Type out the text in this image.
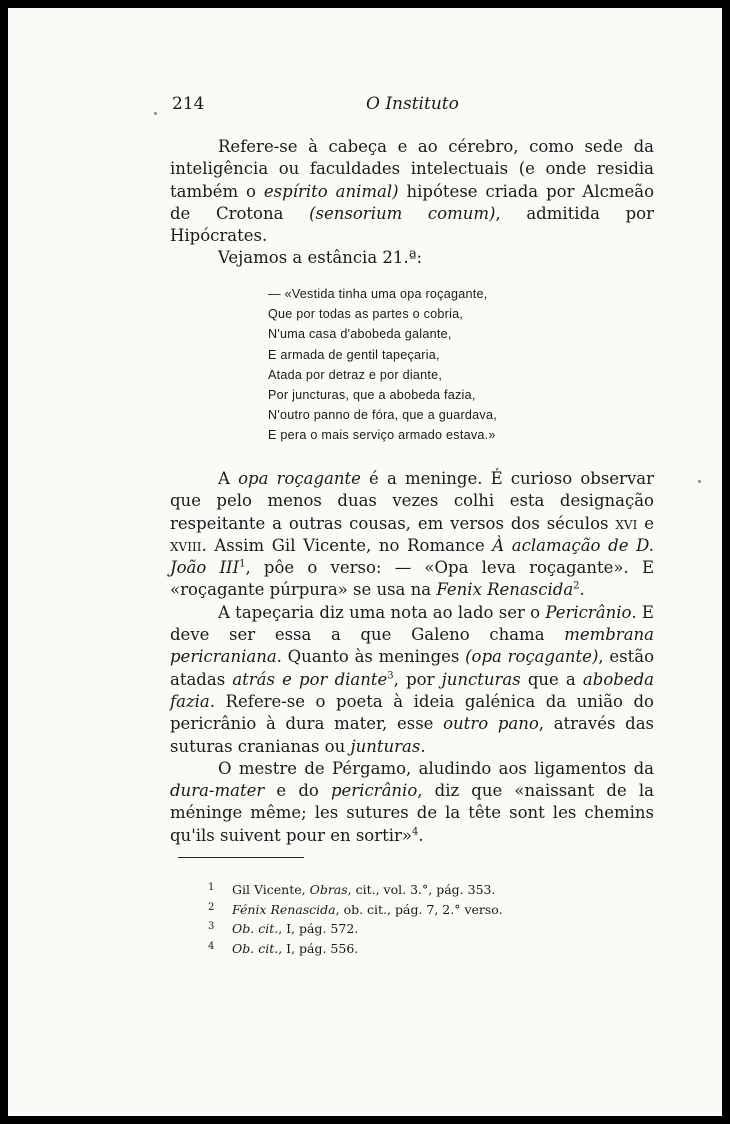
214	O Instituto

Refere-se à cabeça e ao cérebro, como sede da inteligência ou faculdades intelectuais (e onde residia também o espírito animal) hipótese criada por Alcmeão de Crotona (sensorium comum), admitida por Hipócrates.

Vejamos a estância 21.ª:

— «Vestida tinha uma opa roçagante,
Que por todas as partes o cobria,
N'uma casa d'abobeda galante,
E armada de gentil tapeçaria,
Atada por detraz e por diante,
Por juncturas, que a abobeda fazia,
N'outro panno de fóra, que a guardava,
E pera o mais serviço armado estava.»

A opa roçagante é a meninge. É curioso observar que pelo menos duas vezes colhi esta designação respeitante a outras cousas, em versos dos séculos xvi e xviii. Assim Gil Vicente, no Romance À aclamação de D. João III$^1$, pôe o verso: — «Opa leva roçagante». E «roçagante púrpura» se usa na Fenix Renascida$^2$.

A tapeçaria diz uma nota ao lado ser o Pericrânio. E deve ser essa a que Galeno chama membrana pericraniana. Quanto às meninges (opa roçagante), estão atadas atrás e por diante$^3$, por juncturas que a abobeda fazia. Refere-se o poeta à ideia galénica da união do pericrânio à dura mater, esse outro pano, através das suturas cranianas ou junturas.

O mestre de Pérgamo, aludindo aos ligamentos da dura-mater e do pericrânio, diz que «naissant de la méninge même; les sutures de la tête sont les chemins qu'ils suivent pour en sortir»$^4$.

1 Gil Vicente, Obras, cit., vol. 3.°, pág. 353.
2 Fénix Renascida, ob. cit., pág. 7, 2.° verso.
3 Ob. cit., I, pág. 572.
4 Ob. cit., I, pág. 556.
